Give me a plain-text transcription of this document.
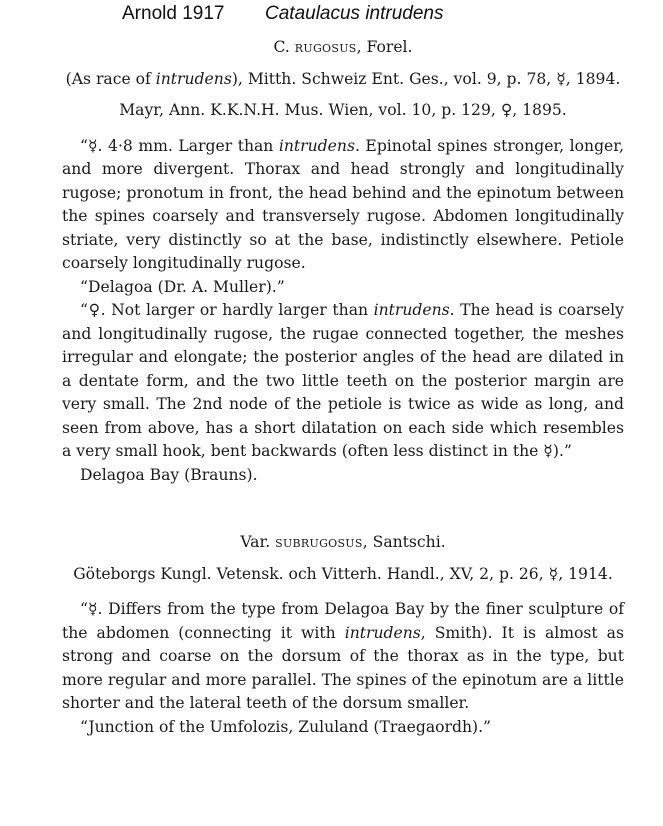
Arnold 1917 Cataulacus intrudens

C. rugosus, Forel.

(As race of intrudens), Mitth. Schweiz Ent. Ges., vol. 9, p. 78, ☿, 1894.

Mayr, Ann. K.K.N.H. Mus. Wien, vol. 10, p. 129, ♀, 1895.

“☿. 4·8 mm. Larger than intrudens. Epinotal spines stronger, longer, and more divergent. Thorax and head strongly and longitudinally rugose; pronotum in front, the head behind and the epinotum between the spines coarsely and transversely rugose. Abdomen longitudinally striate, very distinctly so at the base, indistinctly elsewhere. Petiole coarsely longitudinally rugose.

“Delagoa (Dr. A. Muller).”

“♀. Not larger or hardly larger than intrudens. The head is coarsely and longitudinally rugose, the rugae connected together, the meshes irregular and elongate; the posterior angles of the head are dilated in a dentate form, and the two little teeth on the posterior margin are very small. The 2nd node of the petiole is twice as wide as long, and seen from above, has a short dilatation on each side which resembles a very small hook, bent backwards (often less distinct in the ☿).”

Delagoa Bay (Brauns).

Var. subrugosus, Santschi.

Göteborgs Kungl. Vetensk. och Vitterh. Handl., XV, 2, p. 26, ☿, 1914.

“☿. Differs from the type from Delagoa Bay by the finer sculpture of the abdomen (connecting it with intrudens, Smith). It is almost as strong and coarse on the dorsum of the thorax as in the type, but more regular and more parallel. The spines of the epinotum are a little shorter and the lateral teeth of the dorsum smaller.

“Junction of the Umfolozis, Zululand (Traegaordh).”
